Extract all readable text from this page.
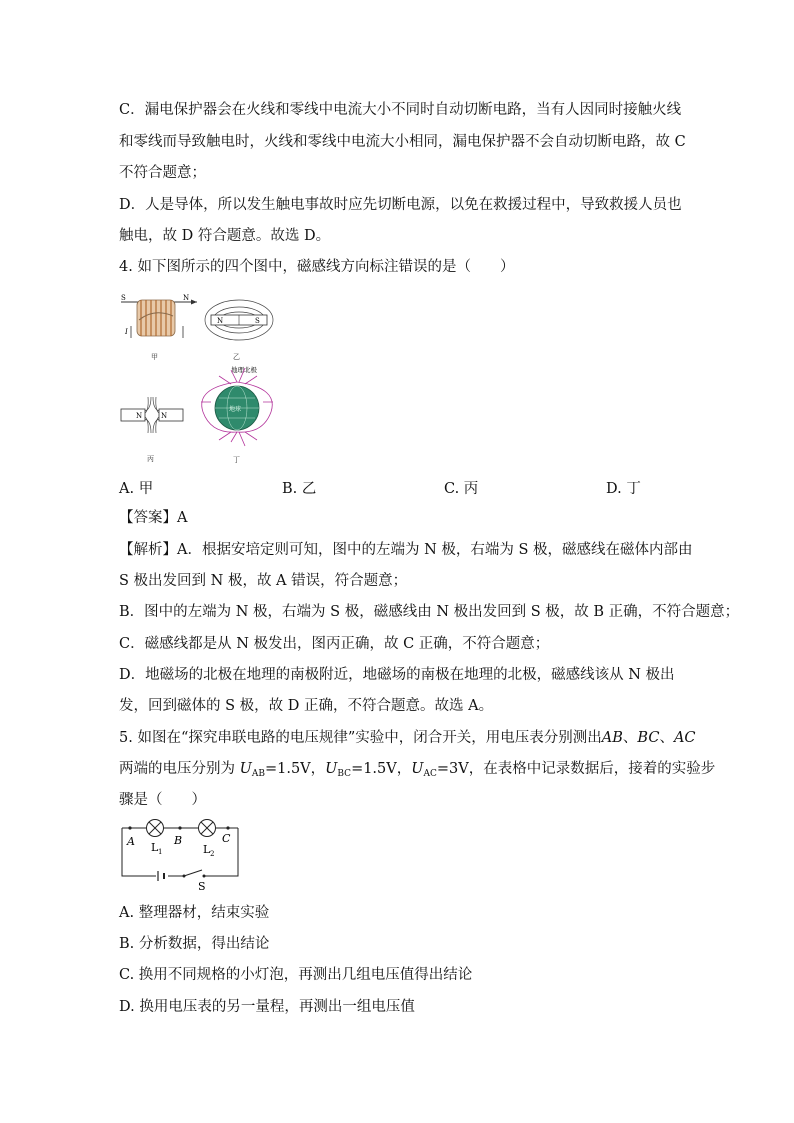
C．漏电保护器会在火线和零线中电流大小不同时自动切断电路，当有人因同时接触火线
和零线而导致触电时，火线和零线中电流大小相同，漏电保护器不会自动切断电路，故 C
不符合题意；
D．人是导体，所以发生触电事故时应先切断电源，以免在救援过程中，导致救援人员也
触电，故 D 符合题意。故选 D。
4. 如下图所示的四个图中，磁感线方向标注错误的是（　　）
S	N
I
甲
N	S
乙
N	N
丙
地理北极
地球
丁
A. 甲	B. 乙	C. 丙	D. 丁
【答案】A
【解析】A．根据安培定则可知，图中的左端为 N 极，右端为 S 极，磁感线在磁体内部由
S 极出发回到 N 极，故 A 错误，符合题意；
B．图中的左端为 N 极，右端为 S 极，磁感线由 N 极出发回到 S 极，故 B 正确，不符合题意；
C．磁感线都是从 N 极发出，图丙正确，故 C 正确，不符合题意；
D．地磁场的北极在地理的南极附近，地磁场的南极在地理的北极，磁感线该从 N 极出
发，回到磁体的 S 极，故 D 正确，不符合题意。故选 A。
5. 如图在“探究串联电路的电压规律”实验中，闭合开关，用电压表分别测出AB、BC、AC
两端的电压分别为 $U_{AB}=1.5V$，$U_{BC}=1.5V$，$U_{AC}=3V$，在表格中记录数据后，接着的实验步
骤是（　　）
A	B	C
L 1	L 2
S
A. 整理器材，结束实验
B. 分析数据，得出结论
C. 换用不同规格的小灯泡，再测出几组电压值得出结论
D. 换用电压表的另一量程，再测出一组电压值
